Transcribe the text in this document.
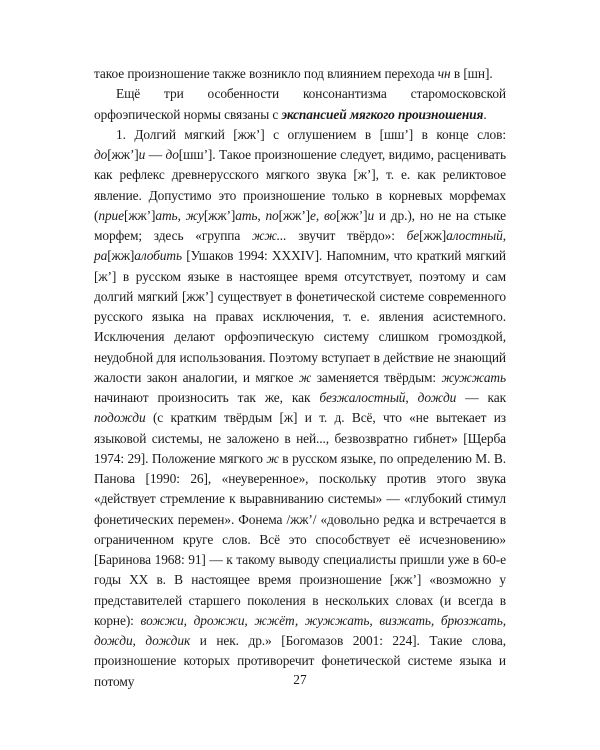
такое произношение также возникло под влиянием перехода чн в [шн].

Ещё три особенности консонантизма старомосковской орфоэпической нормы связаны с экспансией мягкого произношения.

1. Долгий мягкий [жж’] с оглушением в [шш’] в конце слов: до[жж’]и — до[шш’]. Такое произношение следует, видимо, расценивать как рефлекс древнерусского мягкого звука [ж’], т. е. как реликтовое явление. Допустимо это произношение только в корневых морфемах (прие[жж’]ать, жу[жж’]ать, по[жж’]е, во[жж’]и и др.), но не на стыке морфем; здесь «группа жж... звучит твёрдо»: бе[жж]алостный, ра[жж]алобить [Ушаков 1994: XXXIV]. Напомним, что краткий мягкий [ж’] в русском языке в настоящее время отсутствует, поэтому и сам долгий мягкий [жж’] существует в фонетической системе современного русского языка на правах исключения, т. е. явления асистемного. Исключения делают орфоэпическую систему слишком громоздкой, неудобной для использования. Поэтому вступает в действие не знающий жалости закон аналогии, и мягкое ж заменяется твёрдым: жужжать начинают произносить так же, как безжалостный, дожди — как подожди (с кратким твёрдым [ж] и т. д. Всё, что «не вытекает из языковой системы, не заложено в ней..., безвозвратно гибнет» [Щерба 1974: 29]. Положение мягкого ж в русском языке, по определению М. В. Панова [1990: 26], «неуверенное», поскольку против этого звука «действует стремление к выравниванию системы» — «глубокий стимул фонетических перемен». Фонема /жж’/ «довольно редка и встречается в ограниченном круге слов. Всё это способствует её исчезновению» [Баринова 1968: 91] — к такому выводу специалисты пришли уже в 60-е годы XX в. В настоящее время произношение [жж’] «возможно у представителей старшего поколения в нескольких словах (и всегда в корне): вожжи, дрожжи, жжёт, жужжать, визжать, брюзжать, дожди, дождик и нек. др.» [Богомазов 2001: 224]. Такие слова, произношение которых противоречит фонетической системе языка и потому	27
